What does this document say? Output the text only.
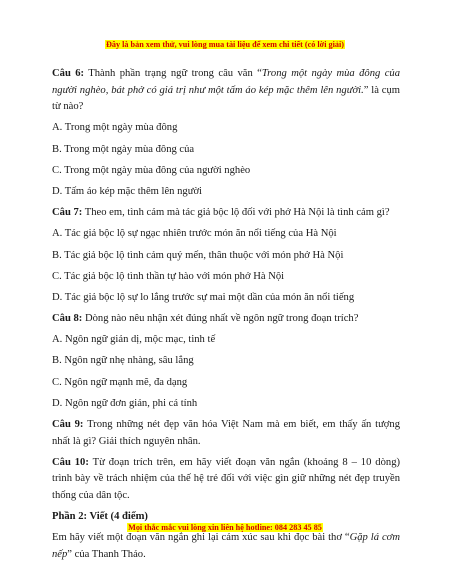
Đây là bản xem thử, vui lòng mua tài liệu để xem chi tiết (có lời giải)

Câu 6: Thành phần trạng ngữ trong câu văn “Trong một ngày mùa đông của người nghèo, bát phở có giá trị như một tấm áo kép mặc thêm lên người.” là cụm từ nào?

A. Trong một ngày mùa đông

B. Trong một ngày mùa đông của

C. Trong một ngày mùa đông của người nghèo

D. Tấm áo kép mặc thêm lên người

Câu 7: Theo em, tình cảm mà tác giả bộc lộ đối với phở Hà Nội là tình cảm gì?

A. Tác giả bộc lộ sự ngạc nhiên trước món ăn nổi tiếng của Hà Nội

B. Tác giả bộc lộ tình cảm quý mến, thân thuộc với món phở Hà Nội

C. Tác giả bộc lộ tình thần tự hào với món phở Hà Nội

D. Tác giả bộc lộ sự lo lắng trước sự mai một dần của món ăn nổi tiếng

Câu 8: Dòng nào nêu nhận xét đúng nhất về ngôn ngữ trong đoạn trích?

A. Ngôn ngữ giản dị, mộc mạc, tinh tế

B. Ngôn ngữ nhẹ nhàng, sâu lắng

C. Ngôn ngữ mạnh mẽ, đa dạng

D. Ngôn ngữ đơn giản, phi cá tính

Câu 9: Trong những nét đẹp văn hóa Việt Nam mà em biết, em thấy ấn tượng nhất là gì? Giải thích nguyên nhân.

Câu 10: Từ đoạn trích trên, em hãy viết đoạn văn ngắn (khoảng 8 – 10 dòng) trình bày về trách nhiệm của thế hệ trẻ đối với việc gìn giữ những nét đẹp truyền thống của dân tộc.

Phần 2: Viết (4 điểm)

Em hãy viết một đoạn văn ngắn ghi lại cảm xúc sau khi đọc bài thơ “Gặp lá cơm nếp” của Thanh Thảo.

Mọi thắc mắc vui lòng xin liên hệ hotline: 084 283 45 85
